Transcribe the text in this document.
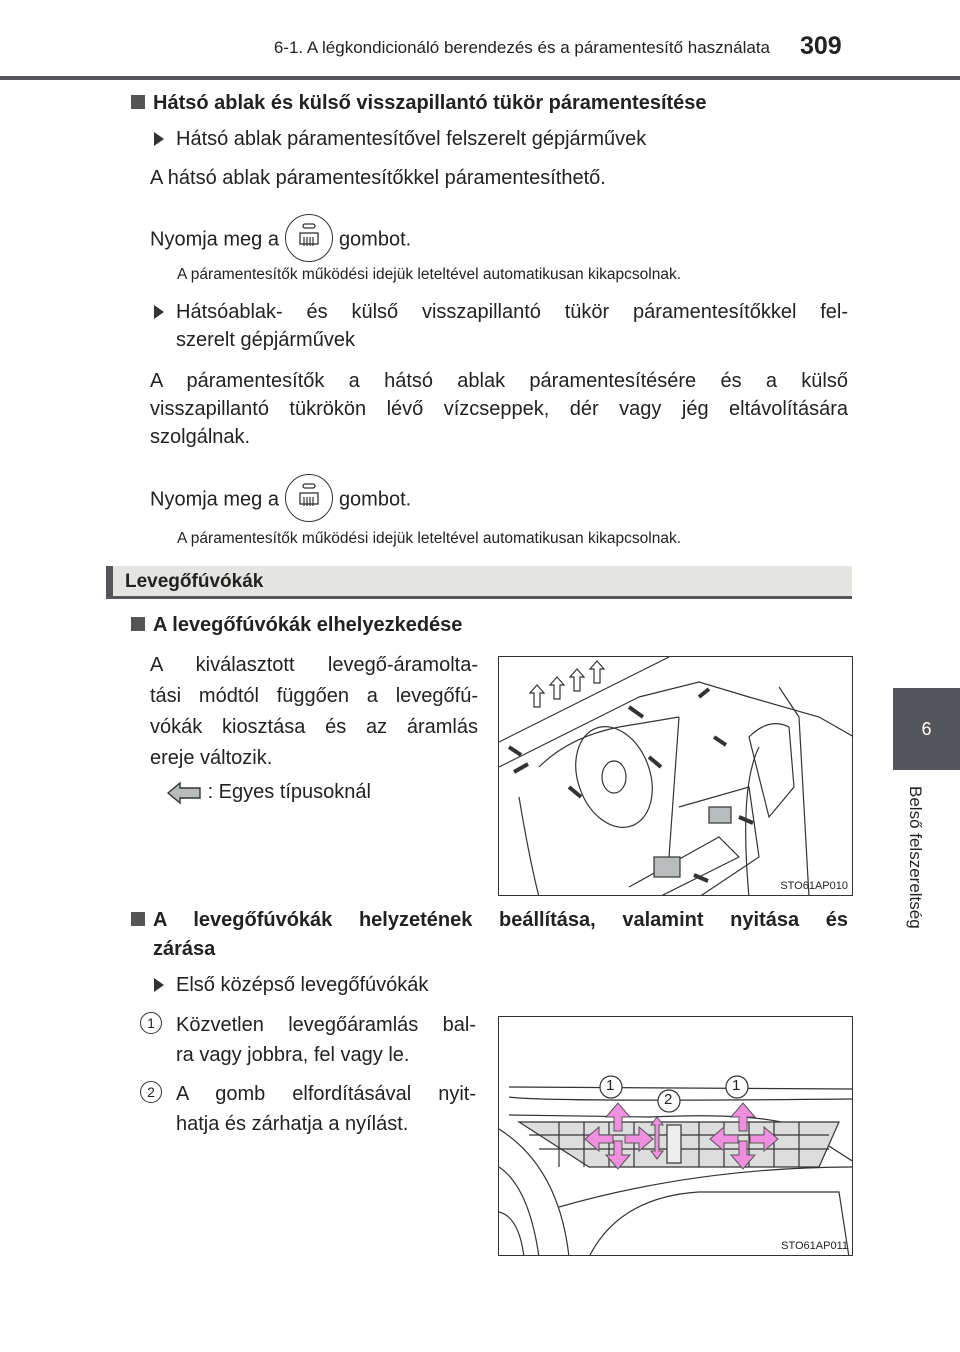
6-1. A légkondicionáló berendezés és a páramentesítő használata 309
6
Belső felszereltség
Hátsó ablak és külső visszapillantó tükör páramentesítése
Hátsó ablak páramentesítővel felszerelt gépjárművek
A hátsó ablak páramentesítőkkel páramentesíthető.
Nyomja meg a	gombot.
A páramentesítők működési idejük leteltével automatikusan kikapcsolnak.
Hátsóablak- és külső visszapillantó tükör páramentesítőkkel fel-
szerelt gépjárművek
A páramentesítők a hátsó ablak páramentesítésére és a külső
visszapillantó tükrökön lévő vízcseppek, dér vagy jég eltávolítására
szolgálnak.
Nyomja meg a	gombot.
A páramentesítők működési idejük leteltével automatikusan kikapcsolnak.
Levegőfúvókák
A levegőfúvókák elhelyezkedése
A kiválasztott levegő-áramolta-
tási módtól függően a levegőfú-
vókák kiosztása és az áramlás
ereje változik.
: Egyes típusoknál
STO61AP010
A levegőfúvókák helyzetének beállítása, valamint nyitása és
zárása
Első középső levegőfúvókák
1	Közvetlen levegőáramlás bal-
ra vagy jobbra, fel vagy le.
2	A gomb elfordításával nyit-
hatja és zárhatja a nyílást.
1
2
1
STO61AP011
